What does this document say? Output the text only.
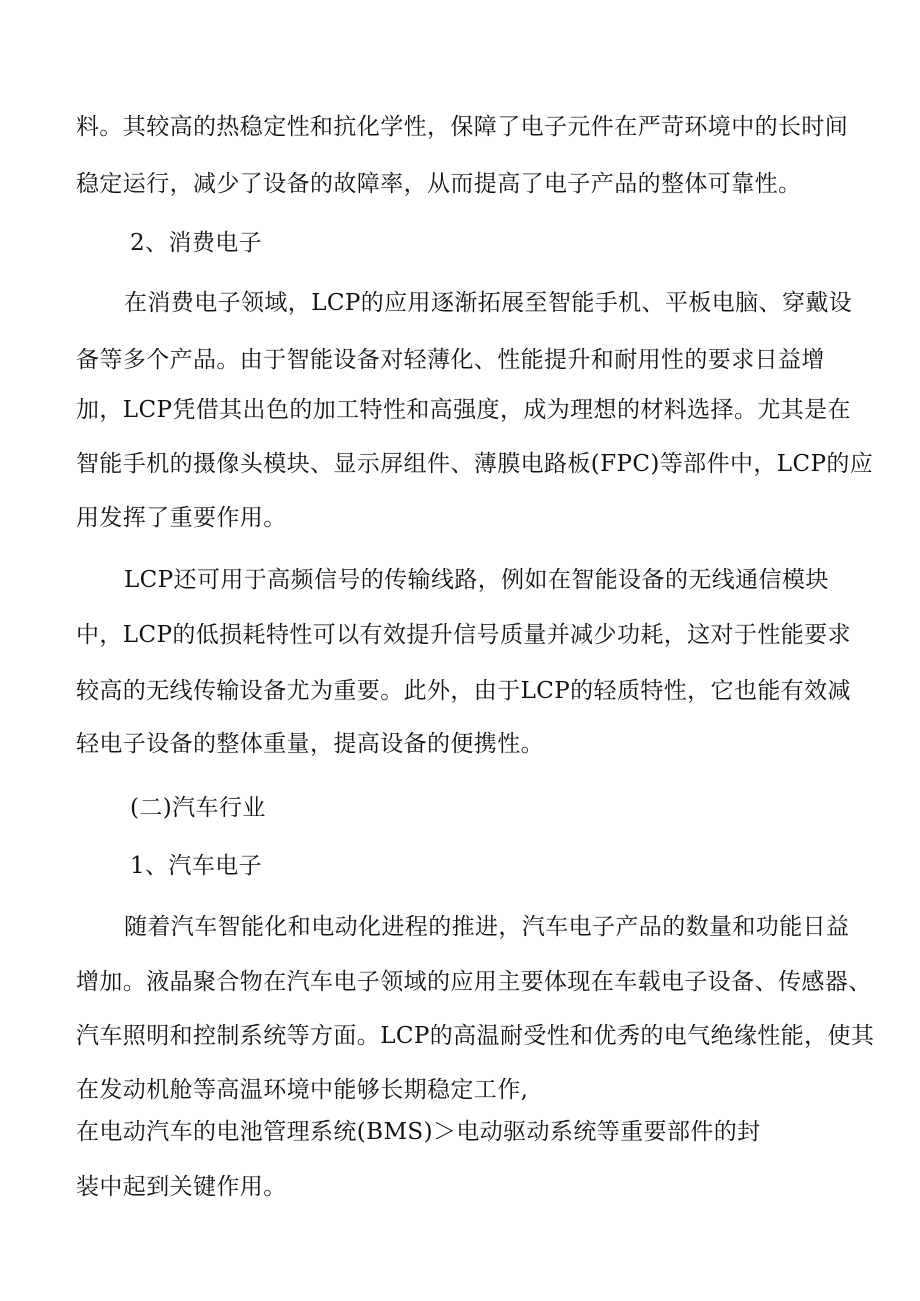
料。其较高的热稳定性和抗化学性，保障了电子元件在严苛环境中的长时间
稳定运行，减少了设备的故障率，从而提高了电子产品的整体可靠性。
2、消费电子
在消费电子领域，LCP的应用逐渐拓展至智能手机、平板电脑、穿戴设
备等多个产品。由于智能设备对轻薄化、性能提升和耐用性的要求日益增
加，LCP凭借其出色的加工特性和高强度，成为理想的材料选择。尤其是在
智能手机的摄像头模块、显示屏组件、薄膜电路板(FPC)等部件中，LCP的应
用发挥了重要作用。
LCP还可用于高频信号的传输线路，例如在智能设备的无线通信模块
中，LCP的低损耗特性可以有效提升信号质量并减少功耗，这对于性能要求
较高的无线传输设备尤为重要。此外，由于LCP的轻质特性，它也能有效减
轻电子设备的整体重量，提高设备的便携性。
(二)汽车行业
1、汽车电子
随着汽车智能化和电动化进程的推进，汽车电子产品的数量和功能日益
增加。液晶聚合物在汽车电子领域的应用主要体现在车载电子设备、传感器、
汽车照明和控制系统等方面。LCP的高温耐受性和优秀的电气绝缘性能，使其
在发动机舱等高温环境中能够长期稳定工作,
在电动汽车的电池管理系统(BMS)＞电动驱动系统等重要部件的封
装中起到关键作用。
